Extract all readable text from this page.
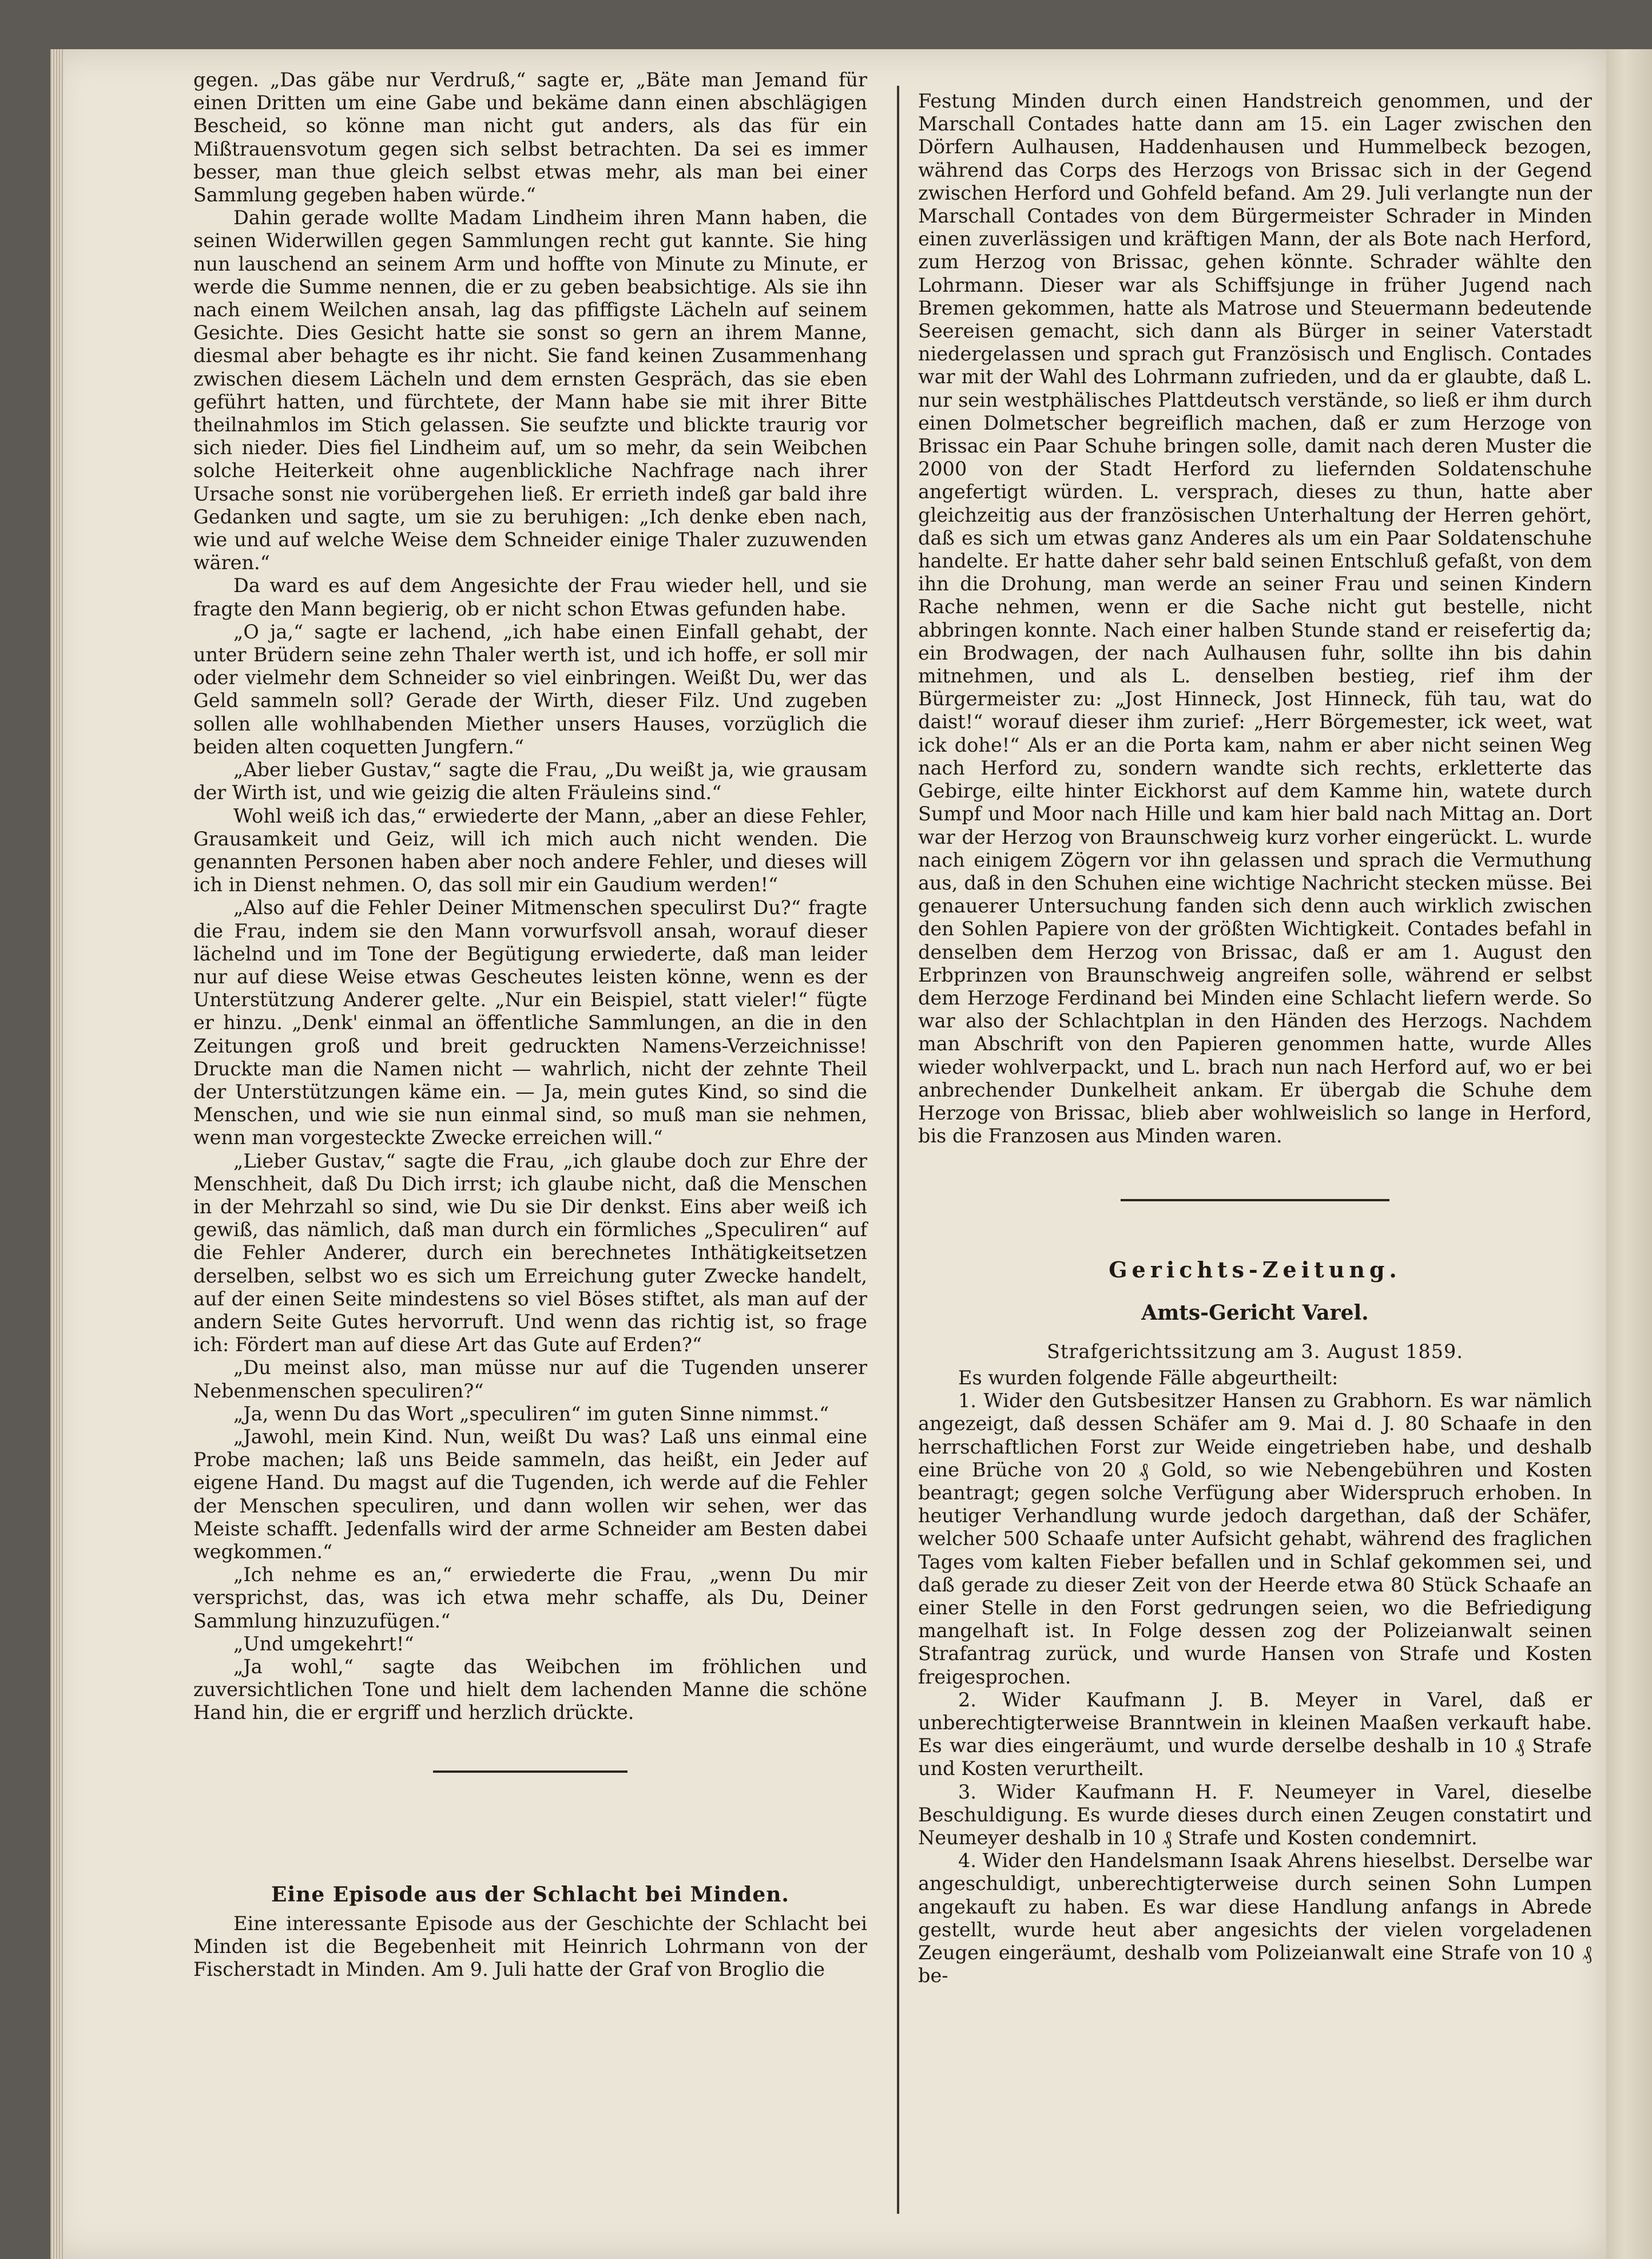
gegen. „Das gäbe nur Verdruß,“ sagte er, „Bäte man Jemand für einen Dritten um eine Gabe und bekäme dann einen abschlägigen Bescheid, so könne man nicht gut anders, als das für ein Mißtrauensvotum gegen sich selbst betrachten. Da sei es immer besser, man thue gleich selbst etwas mehr, als man bei einer Sammlung gegeben haben würde.“

Dahin gerade wollte Madam Lindheim ihren Mann haben, die seinen Widerwillen gegen Sammlungen recht gut kannte. Sie hing nun lauschend an seinem Arm und hoffte von Minute zu Minute, er werde die Summe nennen, die er zu geben beabsichtige. Als sie ihn nach einem Weilchen ansah, lag das pfiffigste Lächeln auf seinem Gesichte. Dies Gesicht hatte sie sonst so gern an ihrem Manne, diesmal aber behagte es ihr nicht. Sie fand keinen Zusammenhang zwischen diesem Lächeln und dem ernsten Gespräch, das sie eben geführt hatten, und fürchtete, der Mann habe sie mit ihrer Bitte theilnahmlos im Stich gelassen. Sie seufzte und blickte traurig vor sich nieder. Dies fiel Lindheim auf, um so mehr, da sein Weibchen solche Heiterkeit ohne augenblickliche Nachfrage nach ihrer Ursache sonst nie vorübergehen ließ. Er errieth indeß gar bald ihre Gedanken und sagte, um sie zu beruhigen: „Ich denke eben nach, wie und auf welche Weise dem Schneider einige Thaler zuzuwenden wären.“

Da ward es auf dem Angesichte der Frau wieder hell, und sie fragte den Mann begierig, ob er nicht schon Etwas gefunden habe.

„O ja,“ sagte er lachend, „ich habe einen Einfall gehabt, der unter Brüdern seine zehn Thaler werth ist, und ich hoffe, er soll mir oder vielmehr dem Schneider so viel einbringen. Weißt Du, wer das Geld sammeln soll? Gerade der Wirth, dieser Filz. Und zugeben sollen alle wohlhabenden Miether unsers Hauses, vorzüglich die beiden alten coquetten Jungfern.“

„Aber lieber Gustav,“ sagte die Frau, „Du weißt ja, wie grausam der Wirth ist, und wie geizig die alten Fräuleins sind.“

Wohl weiß ich das,“ erwiederte der Mann, „aber an diese Fehler, Grausamkeit und Geiz, will ich mich auch nicht wenden. Die genannten Personen haben aber noch andere Fehler, und dieses will ich in Dienst nehmen. O, das soll mir ein Gaudium werden!“

„Also auf die Fehler Deiner Mitmenschen speculirst Du?“ fragte die Frau, indem sie den Mann vorwurfsvoll ansah, worauf dieser lächelnd und im Tone der Begütigung erwiederte, daß man leider nur auf diese Weise etwas Gescheutes leisten könne, wenn es der Unterstützung Anderer gelte. „Nur ein Beispiel, statt vieler!“ fügte er hinzu. „Denk' einmal an öffentliche Sammlungen, an die in den Zeitungen groß und breit gedruckten Namens-Verzeichnisse! Druckte man die Namen nicht — wahrlich, nicht der zehnte Theil der Unterstützungen käme ein. — Ja, mein gutes Kind, so sind die Menschen, und wie sie nun einmal sind, so muß man sie nehmen, wenn man vorgesteckte Zwecke erreichen will.“

„Lieber Gustav,“ sagte die Frau, „ich glaube doch zur Ehre der Menschheit, daß Du Dich irrst; ich glaube nicht, daß die Menschen in der Mehrzahl so sind, wie Du sie Dir denkst. Eins aber weiß ich gewiß, das nämlich, daß man durch ein förmliches „Speculiren“ auf die Fehler Anderer, durch ein berechnetes Inthätigkeitsetzen derselben, selbst wo es sich um Erreichung guter Zwecke handelt, auf der einen Seite mindestens so viel Böses stiftet, als man auf der andern Seite Gutes hervorruft. Und wenn das richtig ist, so frage ich: Fördert man auf diese Art das Gute auf Erden?“

„Du meinst also, man müsse nur auf die Tugenden unserer Nebenmenschen speculiren?“

„Ja, wenn Du das Wort „speculiren“ im guten Sinne nimmst.“

„Jawohl, mein Kind. Nun, weißt Du was? Laß uns einmal eine Probe machen; laß uns Beide sammeln, das heißt, ein Jeder auf eigene Hand. Du magst auf die Tugenden, ich werde auf die Fehler der Menschen speculiren, und dann wollen wir sehen, wer das Meiste schafft. Jedenfalls wird der arme Schneider am Besten dabei wegkommen.“

„Ich nehme es an,“ erwiederte die Frau, „wenn Du mir versprichst, das, was ich etwa mehr schaffe, als Du, Deiner Sammlung hinzuzufügen.“

„Und umgekehrt!“

„Ja wohl,“ sagte das Weibchen im fröhlichen und zuversichtlichen Tone und hielt dem lachenden Manne die schöne Hand hin, die er ergriff und herzlich drückte.

Eine Episode aus der Schlacht bei Minden.

Eine interessante Episode aus der Geschichte der Schlacht bei Minden ist die Begebenheit mit Heinrich Lohrmann von der Fischerstadt in Minden. Am 9. Juli hatte der Graf von Broglio die

Festung Minden durch einen Handstreich genommen, und der Marschall Contades hatte dann am 15. ein Lager zwischen den Dörfern Aulhausen, Haddenhausen und Hummelbeck bezogen, während das Corps des Herzogs von Brissac sich in der Gegend zwischen Herford und Gohfeld befand. Am 29. Juli verlangte nun der Marschall Contades von dem Bürgermeister Schrader in Minden einen zuverlässigen und kräftigen Mann, der als Bote nach Herford, zum Herzog von Brissac, gehen könnte. Schrader wählte den Lohrmann. Dieser war als Schiffsjunge in früher Jugend nach Bremen gekommen, hatte als Matrose und Steuermann bedeutende Seereisen gemacht, sich dann als Bürger in seiner Vaterstadt niedergelassen und sprach gut Französisch und Englisch. Contades war mit der Wahl des Lohrmann zufrieden, und da er glaubte, daß L. nur sein westphälisches Plattdeutsch verstände, so ließ er ihm durch einen Dolmetscher begreiflich machen, daß er zum Herzoge von Brissac ein Paar Schuhe bringen solle, damit nach deren Muster die 2000 von der Stadt Herford zu liefernden Soldatenschuhe angefertigt würden. L. versprach, dieses zu thun, hatte aber gleichzeitig aus der französischen Unterhaltung der Herren gehört, daß es sich um etwas ganz Anderes als um ein Paar Soldatenschuhe handelte. Er hatte daher sehr bald seinen Entschluß gefaßt, von dem ihn die Drohung, man werde an seiner Frau und seinen Kindern Rache nehmen, wenn er die Sache nicht gut bestelle, nicht abbringen konnte. Nach einer halben Stunde stand er reisefertig da; ein Brodwagen, der nach Aulhausen fuhr, sollte ihn bis dahin mitnehmen, und als L. denselben bestieg, rief ihm der Bürgermeister zu: „Jost Hinneck, Jost Hinneck, füh tau, wat do daist!“ worauf dieser ihm zurief: „Herr Börgemester, ick weet, wat ick dohe!“ Als er an die Porta kam, nahm er aber nicht seinen Weg nach Herford zu, sondern wandte sich rechts, erkletterte das Gebirge, eilte hinter Eickhorst auf dem Kamme hin, watete durch Sumpf und Moor nach Hille und kam hier bald nach Mittag an. Dort war der Herzog von Braunschweig kurz vorher eingerückt. L. wurde nach einigem Zögern vor ihn gelassen und sprach die Vermuthung aus, daß in den Schuhen eine wichtige Nachricht stecken müsse. Bei genauerer Untersuchung fanden sich denn auch wirklich zwischen den Sohlen Papiere von der größten Wichtigkeit. Contades befahl in denselben dem Herzog von Brissac, daß er am 1. August den Erbprinzen von Braunschweig angreifen solle, während er selbst dem Herzoge Ferdinand bei Minden eine Schlacht liefern werde. So war also der Schlachtplan in den Händen des Herzogs. Nachdem man Abschrift von den Papieren genommen hatte, wurde Alles wieder wohlverpackt, und L. brach nun nach Herford auf, wo er bei anbrechender Dunkelheit ankam. Er übergab die Schuhe dem Herzoge von Brissac, blieb aber wohlweislich so lange in Herford, bis die Franzosen aus Minden waren.

Gerichts-Zeitung.
Amts-Gericht Varel.
Strafgerichtssitzung am 3. August 1859.

Es wurden folgende Fälle abgeurtheilt:

1. Wider den Gutsbesitzer Hansen zu Grabhorn. Es war nämlich angezeigt, daß dessen Schäfer am 9. Mai d. J. 80 Schaafe in den herrschaftlichen Forst zur Weide eingetrieben habe, und deshalb eine Brüche von 20 ₰ Gold, so wie Nebengebühren und Kosten beantragt; gegen solche Verfügung aber Widerspruch erhoben. In heutiger Verhandlung wurde jedoch dargethan, daß der Schäfer, welcher 500 Schaafe unter Aufsicht gehabt, während des fraglichen Tages vom kalten Fieber befallen und in Schlaf gekommen sei, und daß gerade zu dieser Zeit von der Heerde etwa 80 Stück Schaafe an einer Stelle in den Forst gedrungen seien, wo die Befriedigung mangelhaft ist. In Folge dessen zog der Polizeianwalt seinen Strafantrag zurück, und wurde Hansen von Strafe und Kosten freigesprochen.

2. Wider Kaufmann J. B. Meyer in Varel, daß er unberechtigterweise Branntwein in kleinen Maaßen verkauft habe. Es war dies eingeräumt, und wurde derselbe deshalb in 10 ₰ Strafe und Kosten verurtheilt.

3. Wider Kaufmann H. F. Neumeyer in Varel, dieselbe Beschuldigung. Es wurde dieses durch einen Zeugen constatirt und Neumeyer deshalb in 10 ₰ Strafe und Kosten condemnirt.

4. Wider den Handelsmann Isaak Ahrens hieselbst. Derselbe war angeschuldigt, unberechtigterweise durch seinen Sohn Lumpen angekauft zu haben. Es war diese Handlung anfangs in Abrede gestellt, wurde heut aber angesichts der vielen vorgeladenen Zeugen eingeräumt, deshalb vom Polizeianwalt eine Strafe von 10 ₰ be-
